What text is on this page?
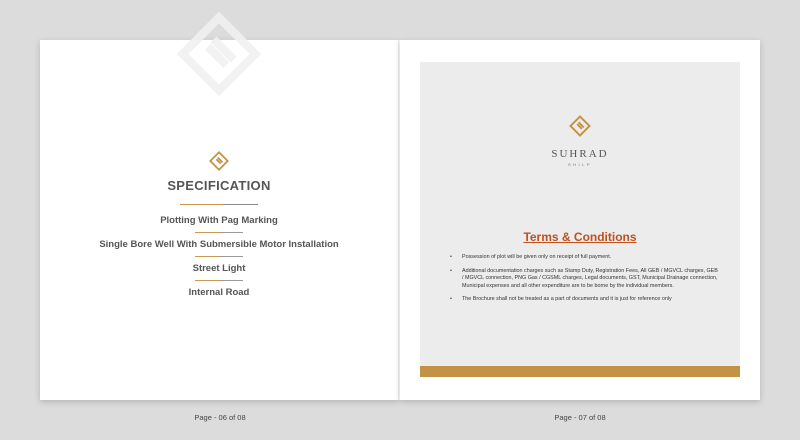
SPECIFICATION
Plotting With Pag Marking
Single Bore Well With Submersible Motor Installation
Street Light
Internal Road
SUHRAD
SHILP
Terms & Conditions
• Possession of plot will be given only on receipt of full payment.
• Additional documentation charges such as Stamp Duty, Registration Fees, All GEB / MGVCL charges, GEB / MGVCL connection, PNG Gas / CGSML charges, Legal documents, GST, Municipal Drainage connection, Municipal expenses and all other expenditure are to be borne by the individual members.
• The Brochure shall not be treated as a part of documents and it is just for reference only
Page - 06 of 08	Page - 07 of 08
